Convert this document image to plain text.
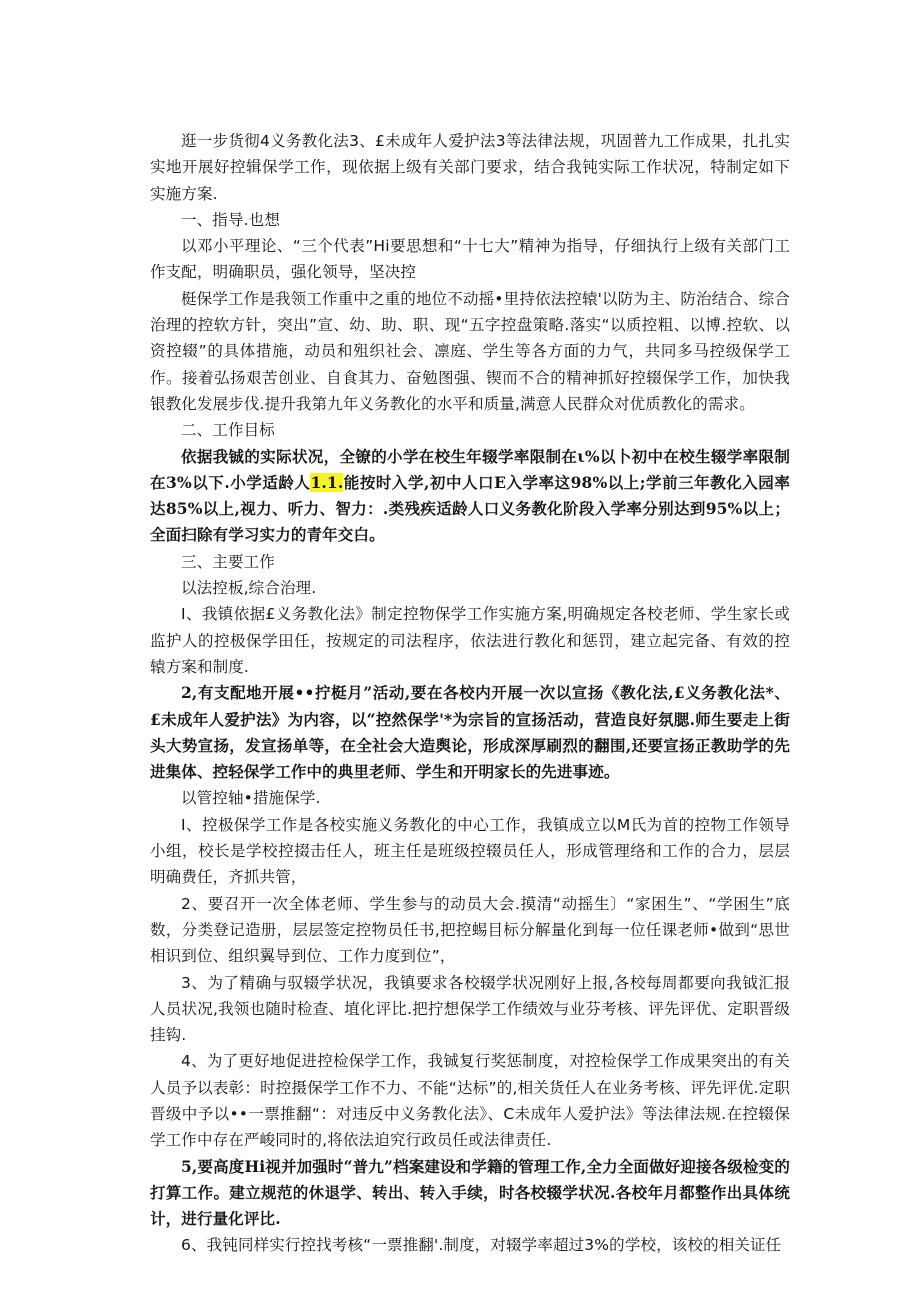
逛一步货彻4义务教化法3、£未成年人爱护法3等法律法规，巩固普九工作成果，扎扎实实地开展好控辑保学工作，现依据上级有关部门要求，结合我钝实际工作状况，特制定如下实施方案.

一、指导.也想

以邓小平理论、“三个代表”Hi要思想和“十七大”精神为指导，仔细执行上级有关部门工作支配，明确职员，强化领导，坚决控

梃保学工作是我领工作重中之重的地位不动摇•里持依法控辕'以防为主、防治结合、综合治理的控软方针，突出”宣、幼、助、职、现“五字控盘策略.落实“以质控粗、以博.控软、以资控辍”的具体措施，动员和殂织社会、凛庭、学生等各方面的力气，共同多马控级保学工作。接着弘扬艰苦创业、自食其力、奋勉图强、锲而不合的精神抓好控辍保学工作，加快我银教化发展步伐.提升我第九年义务教化的水平和质量,满意人民群众对优质教化的需求。

二、工作目标

依据我铖的实际状况，全镣的小学在校生年辍学率限制在ι%以卜初中在校生辍学率限制在3%以下.小学适龄人1.1.能按时入学,初中人口E入学率这98%以上;学前三年教化入园率达85%以上,视力、听力、智力：.类残疾适龄人口义务教化阶段入学率分别达到95%以上；全面扫除有学习实力的青年交白。

三、主要工作

以法控板,综合治理.

I、我镇依据£义务教化法》制定控物保学工作实施方案,明确规定各校老师、学生家长或监护人的控极保学田任，按规定的司法程序，依法进行教化和惩罚，建立起完备、有效的控辕方案和制度.

2,有支配地开展••拧梃月”活动,要在各校内开展一次以宣扬《教化法,£义务教化法*、£未成年人爱护法》为内容，以“控然保学'*为宗旨的宣扬活动，营造良好氛腮.师生要走上街头大势宣扬，发宣扬单等，在全社会大造舆论，形成深厚刷烈的翻围,还要宣扬正教助学的先进集体、控轻保学工作中的典里老师、学生和开明家长的先进事迹。

以管控轴•措施保学.

I、控极保学工作是各校实施义务教化的中心工作，我镇成立以M氏为首的控物工作领导小组，校长是学校控掇击任人，班主任是班级控辍员任人，形成管理络和工作的合力，层层明确费任，齐抓共管，

2、要召开一次全体老师、学生参与的动员大会.摸清“动摇生〕“家困生”、“学困生”底数，分类登记造册，层层签定控物员任书,把控蜴目标分解量化到每一位任课老师•做到“思世相识到位、组织翼导到位、工作力度到位”，

3、为了精确与驭辍学状况，我镇要求各校辍学状况刚好上报,各校每周都要向我钺汇报人员状况,我领也随时检查、埴化评比.把拧想保学工作绩效与业芬考核、评先评优、定职晋级挂钩.

4、为了更好地促进控检保学工作，我铖复行奖惩制度，对控检保学工作成果突出的有关人员予以表彰：时控摄保学工作不力、不能“达标”的,相关货任人在业务考核、评先评优.定职晋级中予以••一票推翻“：对违反中义务教化法》、C未成年人爱护法》等法律法规.在控辍保学工作中存在严峻同时的,将依法迫究行政员任或法律责任.

5,要高度Hi视并加强时“普九”档案建设和学籍的管理工作,全力全面做好迎接各级检变的打算工作。建立规范的休退学、转出、转入手续，时各校辍学状况.各校年月都整作出具体统计，进行量化评比.

6、我钝同样实行控找考核“一票推翻'.制度，对辍学率超过3%的学校，该校的相关证任
